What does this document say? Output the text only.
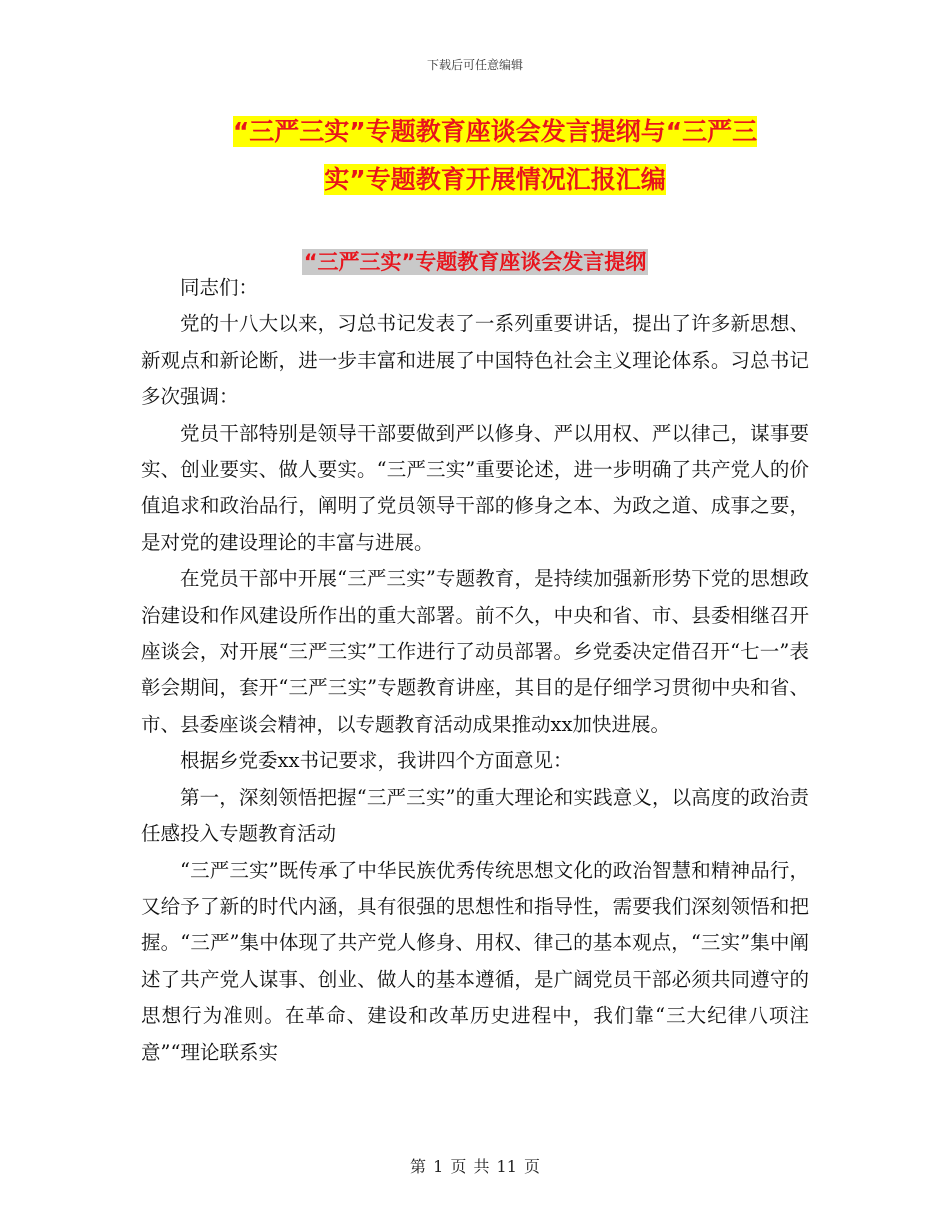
下载后可任意编辑
“三严三实”专题教育座谈会发言提纲与“三严三
实”专题教育开展情况汇报汇编
“三严三实”专题教育座谈会发言提纲

同志们：

党的十八大以来，习总书记发表了一系列重要讲话，提出了许多新思想、新观点和新论断，进一步丰富和进展了中国特色社会主义理论体系。习总书记多次强调：

党员干部特别是领导干部要做到严以修身、严以用权、严以律己，谋事要实、创业要实、做人要实。“三严三实”重要论述，进一步明确了共产党人的价值追求和政治品行，阐明了党员领导干部的修身之本、为政之道、成事之要，是对党的建设理论的丰富与进展。

在党员干部中开展“三严三实”专题教育，是持续加强新形势下党的思想政治建设和作风建设所作出的重大部署。前不久，中央和省、市、县委相继召开座谈会，对开展“三严三实”工作进行了动员部署。乡党委决定借召开“七一”表彰会期间，套开“三严三实”专题教育讲座，其目的是仔细学习贯彻中央和省、市、县委座谈会精神，以专题教育活动成果推动xx加快进展。

根据乡党委xx书记要求，我讲四个方面意见：

第一，深刻领悟把握“三严三实”的重大理论和实践意义，以高度的政治责任感投入专题教育活动

“三严三实”既传承了中华民族优秀传统思想文化的政治智慧和精神品行，又给予了新的时代内涵，具有很强的思想性和指导性，需要我们深刻领悟和把握。“三严”集中体现了共产党人修身、用权、律己的基本观点，“三实”集中阐述了共产党人谋事、创业、做人的基本遵循，是广阔党员干部必须共同遵守的思想行为准则。在革命、建设和改革历史进程中，我们靠“三大纪律八项注意”“理论联系实

第 1 页 共 11 页
